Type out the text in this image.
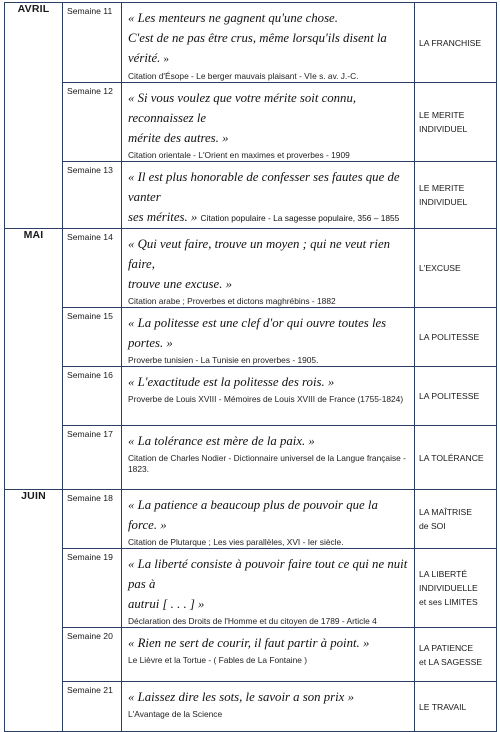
AVRIL	Semaine 11	« Les menteurs ne gagnent qu'une chose.
C'est de ne pas être crus, même lorsqu'ils disent la vérité. »
Citation d'Ésope - Le berger mauvais plaisant - VIe s. av. J.-C.	LA FRANCHISE

	Semaine 12	« Si vous voulez que votre mérite soit connu, reconnaissez le
mérite des autres. »
Citation orientale - L'Orient en maximes et proverbes - 1909	LE MERITE
INDIVIDUEL

	Semaine 13	« Il est plus honorable de confesser ses fautes que de vanter
ses mérites. » Citation populaire - La sagesse populaire, 356 – 1855	LE MERITE
INDIVIDUEL

MAI	Semaine 14	« Qui veut faire, trouve un moyen ; qui ne veut rien faire,
trouve une excuse. »
Citation arabe ; Proverbes et dictons maghrébins - 1882	L'EXCUSE

	Semaine 15	« La politesse est une clef d'or qui ouvre toutes les portes. »
Proverbe tunisien - La Tunisie en proverbes - 1905.	LA POLITESSE

	Semaine 16	« L'exactitude est la politesse des rois. »
Proverbe de Louis XVIII - Mémoires de Louis XVIII de France (1755-1824)	LA POLITESSE

	Semaine 17	« La tolérance est mère de la paix. »
Citation de Charles Nodier - Dictionnaire universel de la Langue française - 1823.	LA TOLÉRANCE

JUIN	Semaine 18	« La patience a beaucoup plus de pouvoir que la force. »
Citation de Plutarque ; Les vies parallèles, XVI - Ier siècle.	LA MAÎTRISE
de SOI

	Semaine 19	« La liberté consiste à pouvoir faire tout ce qui ne nuit pas à
autrui [ . . . ] »
Déclaration des Droits de l'Homme et du citoyen de 1789 - Article 4	LA LIBERTÉ
INDIVIDUELLE
et ses LIMITES

	Semaine 20	« Rien ne sert de courir, il faut partir à point. »
Le Lièvre et la Tortue - ( Fables de La Fontaine )	LA PATIENCE
et LA SAGESSE

	Semaine 21	« Laissez dire les sots, le savoir a son prix »
L'Avantage de la Science	LE TRAVAIL
